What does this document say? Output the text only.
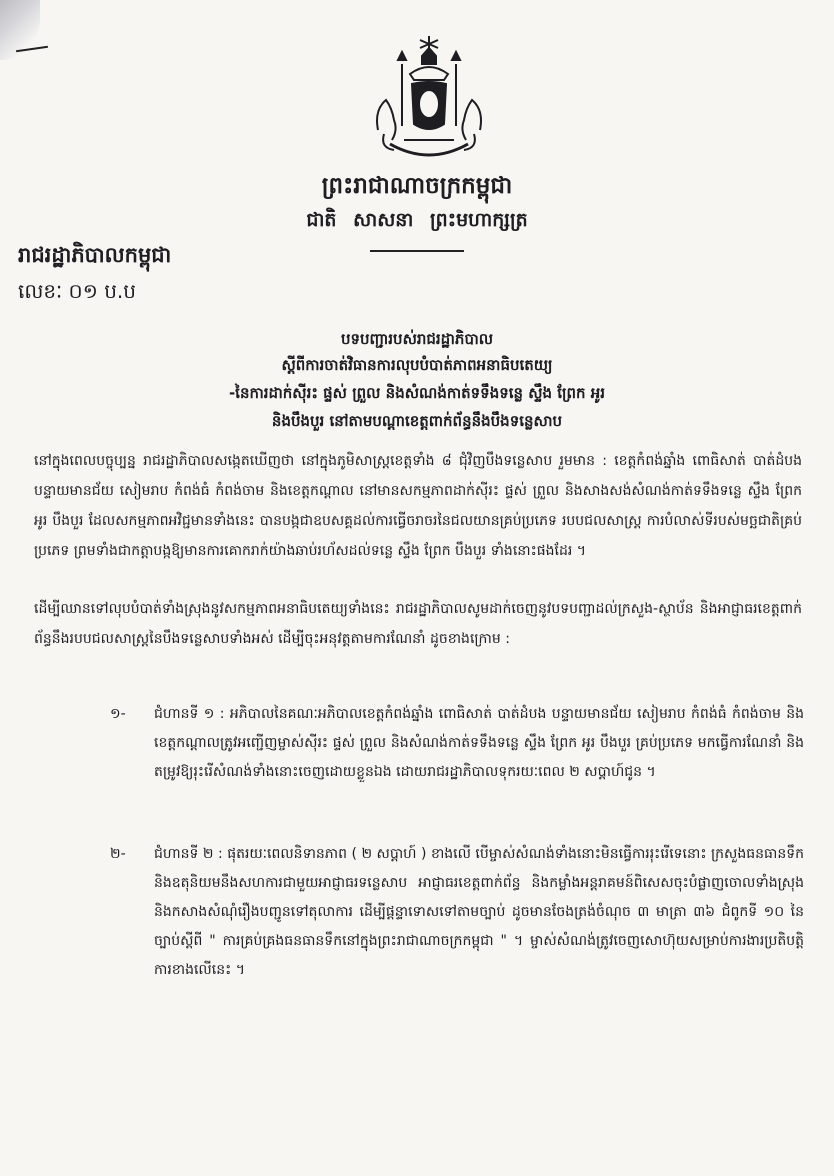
ព្រះរាជាណាចក្រកម្ពុជា
ជាតិ សាសនា ព្រះមហាក្សត្រ
រាជរដ្ឋាភិបាលកម្ពុជា
លេខៈ ០១ ប.ប
បទបញ្ជារបស់រាជរដ្ឋាភិបាល
ស្តីពីការចាត់វិធានការលុបបំបាត់ភាពអនាធិបតេយ្យ
-នៃការដាក់ស៊ីរះ ផ្ទស់ ព្រួល និងសំណង់កាត់ទទឹងទន្លេ ស្ទឹង ព្រែក អូរ
និងបឹងបួរ នៅតាមបណ្តាខេត្តពាក់ព័ន្ធនឹងបឹងទន្លេសាប
នៅក្នុងពេលបច្ចុប្បន្ន រាជរដ្ឋាភិបាលសង្កេតឃើញថា នៅក្នុងភូមិសាស្ត្រខេត្តទាំង ៨ ជុំវិញបឹងទន្លេសាប រួមមាន : ខេត្តកំពង់ឆ្នាំង ពោធិសាត់ បាត់ដំបង បន្ទាយមានជ័យ សៀមរាប កំពង់ធំ កំពង់ចាម និងខេត្តកណ្តាល នៅមានសកម្មភាពដាក់ស៊ីរះ ផ្ទស់ ព្រួល និងសាងសង់សំណង់កាត់ទទឹងទន្លេ ស្ទឹង ព្រែក អូរ បឹងបួរ ដែលសកម្មភាពអវិជ្ជមានទាំងនេះ បានបង្កជាឧបសគ្គដល់ការធ្វើចរាចរនៃជលយានគ្រប់ប្រភេទ របបជលសាស្ត្រ ការបំលាស់ទីរបស់មច្ឆជាតិគ្រប់ប្រភេទ ព្រមទាំងជាកត្តាបង្កឱ្យមានការគោករាក់យ៉ាងឆាប់រហ័សដល់ទន្លេ ស្ទឹង ព្រែក បឹងបួរ ទាំងនោះផងដែរ ។
ដើម្បីឈានទៅលុបបំបាត់ទាំងស្រុងនូវសកម្មភាពអនាធិបតេយ្យទាំងនេះ រាជរដ្ឋាភិបាលសូមដាក់ចេញនូវបទបញ្ជាដល់ក្រសួង-ស្ថាប័ន និងអាជ្ញាធរខេត្តពាក់ព័ន្ធនឹងរបបជលសាស្ត្រនៃបឹងទន្លេសាបទាំងអស់ ដើម្បីចុះអនុវត្តតាមការណែនាំ ដូចខាងក្រោម :
១- ជំហានទី ១ : អភិបាលនៃគណៈអភិបាលខេត្តកំពង់ឆ្នាំង ពោធិសាត់ បាត់ដំបង បន្ទាយមានជ័យ សៀមរាប កំពង់ធំ កំពង់ចាម និងខេត្តកណ្តាលត្រូវអញ្ជើញម្ចាស់ស៊ីរះ ផ្ទស់ ព្រួល និងសំណង់កាត់ទទឹងទន្លេ ស្ទឹង ព្រែក អូរ បឹងបួរ គ្រប់ប្រភេទ មកធ្វើការណែនាំ និងតម្រូវឱ្យរុះរើសំណង់ទាំងនោះចេញដោយខ្លួនឯង ដោយរាជរដ្ឋាភិបាលទុករយៈពេល ២ សប្តាហ៍ជូន ។
២- ជំហានទី ២ : ផុតរយៈពេលនិទានភាព ( ២ សប្តាហ៍ ) ខាងលើ បើម្ចាស់សំណង់ទាំងនោះមិនធ្វើការរុះរើទេនោះ ក្រសួងធនធានទឹក និងឧតុនិយមនឹងសហការជាមួយអាជ្ញាធរទន្លេសាប អាជ្ញាធរខេត្តពាក់ព័ន្ធ និងកម្លាំងអន្តរាគមន៍ពិសេសចុះបំផ្លាញចោលទាំងស្រុង និងកសាងសំណុំរឿងបញ្ជូនទៅតុលាការ ដើម្បីផ្តន្ទាទោសទៅតាមច្បាប់ ដូចមានចែងត្រង់ចំណុច ៣ មាត្រា ៣៦ ជំពូកទី ១០ នៃ ច្បាប់ស្តីពី " ការគ្រប់គ្រងធនធានទឹកនៅក្នុងព្រះរាជាណាចក្រកម្ពុជា " ។ ម្ចាស់សំណង់ត្រូវចេញសោហ៊ុយសម្រាប់ការងារប្រតិបត្តិការខាងលើនេះ ។
